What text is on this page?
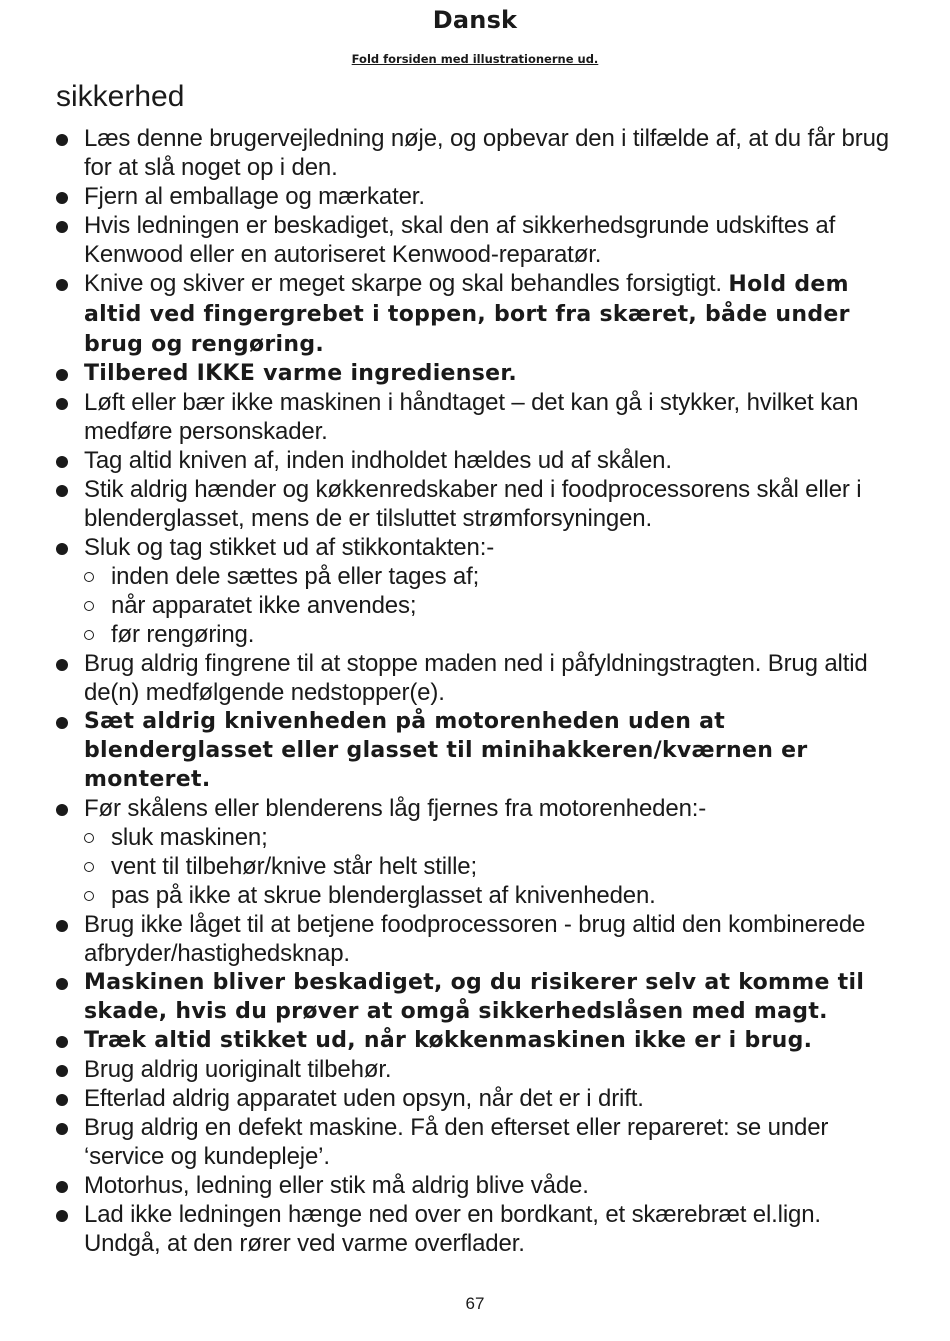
Dansk
Fold forsiden med illustrationerne ud.
sikkerhed
Læs denne brugervejledning nøje, og opbevar den i tilfælde af, at du får brug for at slå noget op i den.
Fjern al emballage og mærkater.
Hvis ledningen er beskadiget, skal den af sikkerhedsgrunde udskiftes af Kenwood eller en autoriseret Kenwood-reparatør.
Knive og skiver er meget skarpe og skal behandles forsigtigt. Hold dem altid ved fingergrebet i toppen, bort fra skæret, både under brug og rengøring.
Tilbered IKKE varme ingredienser.
Løft eller bær ikke maskinen i håndtaget – det kan gå i stykker, hvilket kan medføre personskader.
Tag altid kniven af, inden indholdet hældes ud af skålen.
Stik aldrig hænder og køkkenredskaber ned i foodprocessorens skål eller i blenderglasset, mens de er tilsluttet strømforsyningen.
Sluk og tag stikket ud af stikkontakten:-
inden dele sættes på eller tages af;
når apparatet ikke anvendes;
før rengøring.
Brug aldrig fingrene til at stoppe maden ned i påfyldningstragten. Brug altid de(n) medfølgende nedstopper(e).
Sæt aldrig knivenheden på motorenheden uden at blenderglasset eller glasset til minihakkeren/kværnen er monteret.
Før skålens eller blenderens låg fjernes fra motorenheden:-
sluk maskinen;
vent til tilbehør/knive står helt stille;
pas på ikke at skrue blenderglasset af knivenheden.
Brug ikke låget til at betjene foodprocessoren - brug altid den kombinerede afbryder/hastighedsknap.
Maskinen bliver beskadiget, og du risikerer selv at komme til skade, hvis du prøver at omgå sikkerhedslåsen med magt.
Træk altid stikket ud, når køkkenmaskinen ikke er i brug.
Brug aldrig uoriginalt tilbehør.
Efterlad aldrig apparatet uden opsyn, når det er i drift.
Brug aldrig en defekt maskine. Få den efterset eller repareret: se under ‘service og kundepleje’.
Motorhus, ledning eller stik må aldrig blive våde.
Lad ikke ledningen hænge ned over en bordkant, et skærebræt el.lign. Undgå, at den rører ved varme overflader.
67
